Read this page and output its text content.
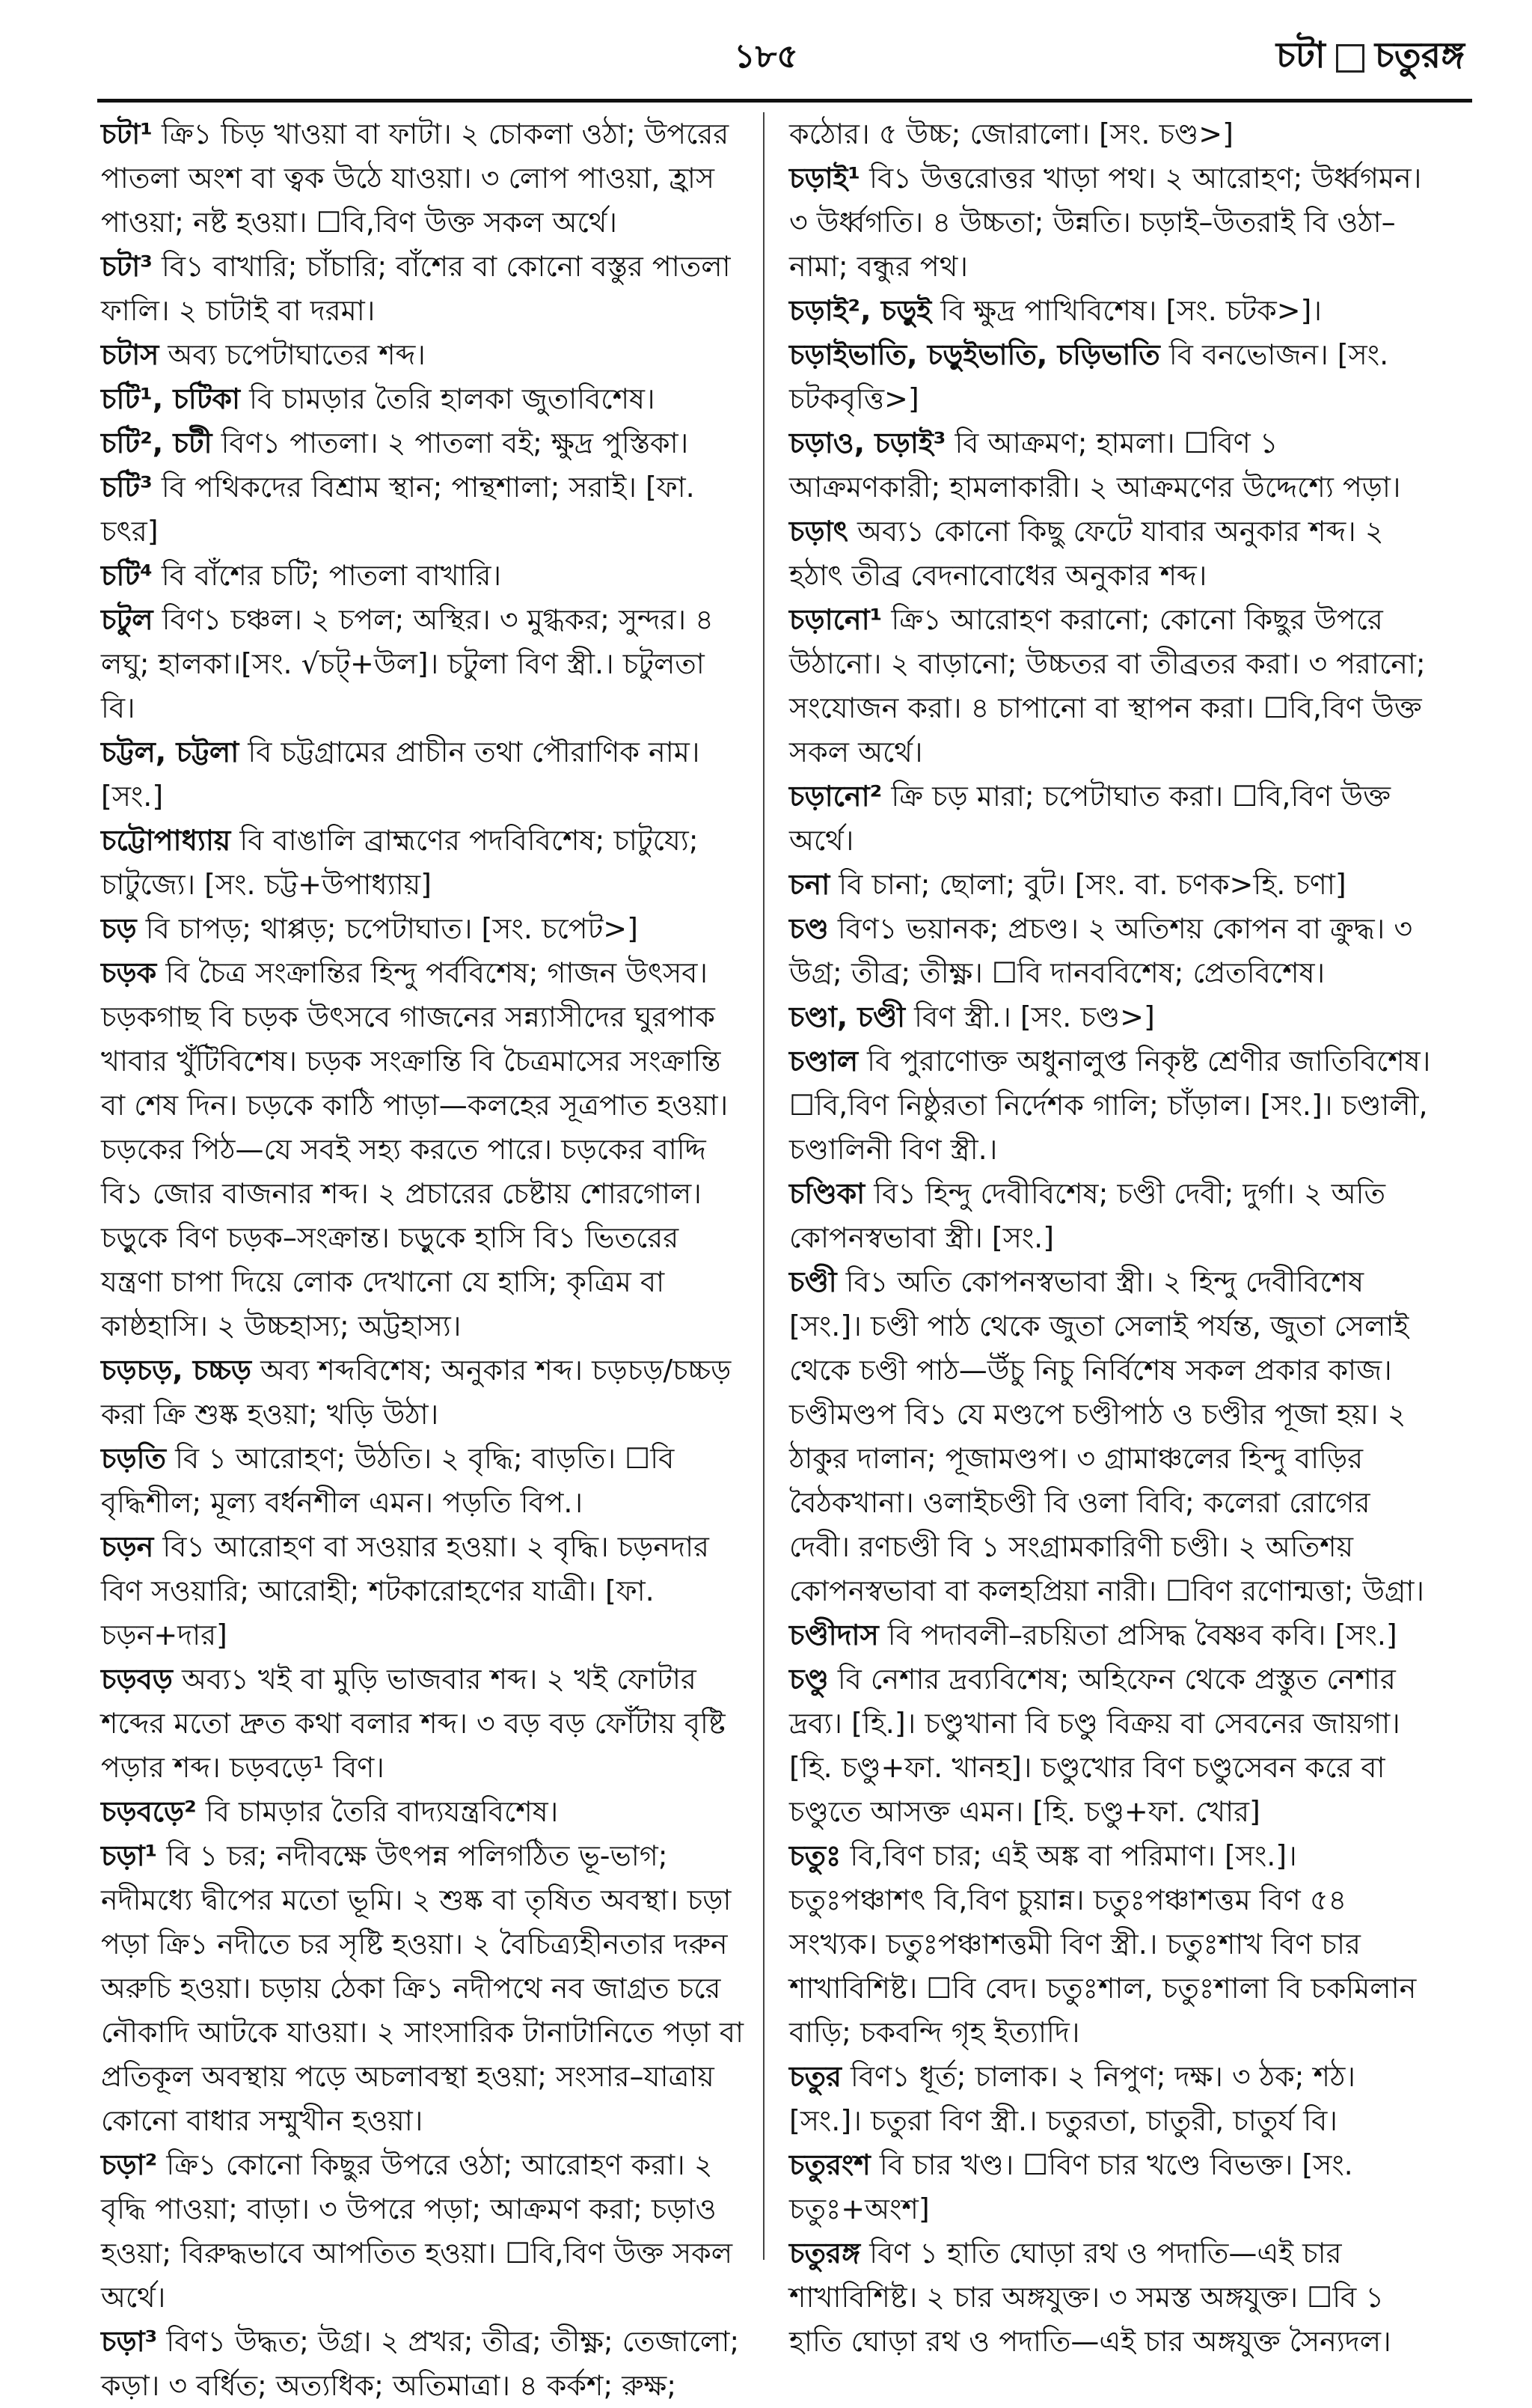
১৮৫	চটা চতুরঙ্গ

চটা¹ ক্রি১ চিড় খাওয়া বা ফাটা। ২ চোকলা ওঠা; উপরের পাতলা অংশ বা ত্বক উঠে যাওয়া। ৩ লোপ পাওয়া, হ্রাস পাওয়া; নষ্ট হওয়া। ☐বি,বিণ উক্ত সকল অর্থে।

চটা³ বি১ বাখারি; চাঁচারি; বাঁশের বা কোনো বস্তুর পাতলা ফালি। ২ চাটাই বা দরমা।

চটাস অব্য চপেটাঘাতের শব্দ।

চটি¹, চটিকা বি চামড়ার তৈরি হালকা জুতাবিশেষ।

চটি², চটী বিণ১ পাতলা। ২ পাতলা বই; ক্ষুদ্র পুস্তিকা।

চটি³ বি পথিকদের বিশ্রাম স্থান; পান্থশালা; সরাই। [ফা. চৎর]

চটি⁴ বি বাঁশের চটি; পাতলা বাখারি।

চটুল বিণ১ চঞ্চল। ২ চপল; অস্থির। ৩ মুগ্ধকর; সুন্দর। ৪ লঘু; হালকা।[সং. √চট্‌+উল]। চটুলা বিণ স্ত্রী.। চটুলতা বি।

চট্টল, চট্টলা বি চট্টগ্রামের প্রাচীন তথা পৌরাণিক নাম। [সং.]

চট্টোপাধ্যায় বি বাঙালি ব্রাহ্মণের পদবিবিশেষ; চাটুয্যে; চাটুজ্যে। [সং. চট্ট+উপাধ্যায়]

চড় বি চাপড়; থাপ্পড়; চপেটাঘাত। [সং. চপেট>]

চড়ক বি চৈত্র সংক্রান্তির হিন্দু পর্ববিশেষ; গাজন উৎসব। চড়কগাছ বি চড়ক উৎসবে গাজনের সন্ন্যাসীদের ঘুরপাক খাবার খুঁটিবিশেষ। চড়ক সংক্রান্তি বি চৈত্রমাসের সংক্রান্তি বা শেষ দিন। চড়কে কাঠি পাড়া—কলহের সূত্রপাত হওয়া। চড়কের পিঠ—যে সবই সহ্য করতে পারে। চড়কের বাদ্দি বি১ জোর বাজনার শব্দ। ২ প্রচারের চেষ্টায় শোরগোল। চড়ুকে বিণ চড়ক–সংক্রান্ত। চড়ুকে হাসি বি১ ভিতরের যন্ত্রণা চাপা দিয়ে লোক দেখানো যে হাসি; কৃত্রিম বা কাষ্ঠহাসি। ২ উচ্চহাস্য; অট্টহাস্য।

চড়চড়, চচ্চড় অব্য শব্দবিশেষ; অনুকার শব্দ। চড়চড়/চচ্চড় করা ক্রি শুষ্ক হওয়া; খড়ি উঠা।

চড়তি বি ১ আরোহণ; উঠতি। ২ বৃদ্ধি; বাড়তি। ☐বি বৃদ্ধিশীল; মূল্য বর্ধনশীল এমন। পড়তি বিপ.।

চড়ন বি১ আরোহণ বা সওয়ার হওয়া। ২ বৃদ্ধি। চড়নদার বিণ সওয়ারি; আরোহী; শটকারোহণের যাত্রী। [ফা. চড়ন+দার]

চড়বড় অব্য১ খই বা মুড়ি ভাজবার শব্দ। ২ খই ফোটার শব্দের মতো দ্রুত কথা বলার শব্দ। ৩ বড় বড় ফোঁটায় বৃষ্টি পড়ার শব্দ। চড়বড়ে¹ বিণ।

চড়বড়ে² বি চামড়ার তৈরি বাদ্যযন্ত্রবিশেষ।

চড়া¹ বি ১ চর; নদীবক্ষে উৎপন্ন পলিগঠিত ভূ-ভাগ; নদীমধ্যে দ্বীপের মতো ভূমি। ২ শুষ্ক বা তৃষিত অবস্থা। চড়া পড়া ক্রি১ নদীতে চর সৃষ্টি হওয়া। ২ বৈচিত্র্যহীনতার দরুন অরুচি হওয়া। চড়ায় ঠেকা ক্রি১ নদীপথে নব জাগ্রত চরে নৌকাদি আটকে যাওয়া। ২ সাংসারিক টানাটানিতে পড়া বা প্রতিকূল অবস্থায় পড়ে অচলাবস্থা হওয়া; সংসার–যাত্রায় কোনো বাধার সম্মুখীন হওয়া।

চড়া² ক্রি১ কোনো কিছুর উপরে ওঠা; আরোহণ করা। ২ বৃদ্ধি পাওয়া; বাড়া। ৩ উপরে পড়া; আক্রমণ করা; চড়াও হওয়া; বিরুদ্ধভাবে আপতিত হওয়া। ☐বি,বিণ উক্ত সকল অর্থে।

চড়া³ বিণ১ উদ্ধত; উগ্র। ২ প্রখর; তীব্র; তীক্ষ্ণ; তেজালো; কড়া। ৩ বর্ধিত; অত্যধিক; অতিমাত্রা। ৪ কর্কশ; রুক্ষ;

কঠোর। ৫ উচ্চ; জোরালো। [সং. চণ্ড>]

চড়াই¹ বি১ উত্তরোত্তর খাড়া পথ। ২ আরোহণ; উর্ধ্বগমন। ৩ উর্ধ্বগতি। ৪ উচ্চতা; উন্নতি। চড়াই–উতরাই বি ওঠা–নামা; বন্ধুর পথ।

চড়াই², চড়ুই বি ক্ষুদ্র পাখিবিশেষ। [সং. চটক>]।

চড়াইভাতি, চড়ুইভাতি, চড়িভাতি বি বনভোজন। [সং. চটকবৃত্তি>]

চড়াও, চড়াই³ বি আক্রমণ; হামলা। ☐বিণ ১ আক্রমণকারী; হামলাকারী। ২ আক্রমণের উদ্দেশ্যে পড়া।

চড়াৎ অব্য১ কোনো কিছু ফেটে যাবার অনুকার শব্দ। ২ হঠাৎ তীব্র বেদনাবোধের অনুকার শব্দ।

চড়ানো¹ ক্রি১ আরোহণ করানো; কোনো কিছুর উপরে উঠানো। ২ বাড়ানো; উচ্চতর বা তীব্রতর করা। ৩ পরানো; সংযোজন করা। ৪ চাপানো বা স্থাপন করা। ☐বি,বিণ উক্ত সকল অর্থে।

চড়ানো² ক্রি চড় মারা; চপেটাঘাত করা। ☐বি,বিণ উক্ত অর্থে।

চনা বি চানা; ছোলা; বুট। [সং. বা. চণক>হি. চণা]

চণ্ড বিণ১ ভয়ানক; প্রচণ্ড। ২ অতিশয় কোপন বা ক্রুদ্ধ। ৩ উগ্র; তীব্র; তীক্ষ্ণ। ☐বি দানববিশেষ; প্রেতবিশেষ।

চণ্ডা, চণ্ডী বিণ স্ত্রী.। [সং. চণ্ড>]

চণ্ডাল বি পুরাণোক্ত অধুনালুপ্ত নিকৃষ্ট শ্রেণীর জাতিবিশেষ। ☐বি,বিণ নিষ্ঠুরতা নির্দেশক গালি; চাঁড়াল। [সং.]। চণ্ডালী, চণ্ডালিনী বিণ স্ত্রী.।

চণ্ডিকা বি১ হিন্দু দেবীবিশেষ; চণ্ডী দেবী; দুর্গা। ২ অতি কোপনস্বভাবা স্ত্রী। [সং.]

চণ্ডী বি১ অতি কোপনস্বভাবা স্ত্রী। ২ হিন্দু দেবীবিশেষ [সং.]। চণ্ডী পাঠ থেকে জুতা সেলাই পর্যন্ত, জুতা সেলাই থেকে চণ্ডী পাঠ—উঁচু নিচু নির্বিশেষ সকল প্রকার কাজ। চণ্ডীমণ্ডপ বি১ যে মণ্ডপে চণ্ডীপাঠ ও চণ্ডীর পূজা হয়। ২ ঠাকুর দালান; পূজামণ্ডপ। ৩ গ্রামাঞ্চলের হিন্দু বাড়ির বৈঠকখানা। ওলাইচণ্ডী বি ওলা বিবি; কলেরা রোগের দেবী। রণচণ্ডী বি ১ সংগ্রামকারিণী চণ্ডী। ২ অতিশয় কোপনস্বভাবা বা কলহপ্রিয়া নারী। ☐বিণ রণোন্মত্তা; উগ্রা।

চণ্ডীদাস বি পদাবলী–রচয়িতা প্রসিদ্ধ বৈষ্ণব কবি। [সং.]

চণ্ডু বি নেশার দ্রব্যবিশেষ; অহিফেন থেকে প্রস্তুত নেশার দ্রব্য। [হি.]। চণ্ডুখানা বি চণ্ডু বিক্রয় বা সেবনের জায়গা। [হি. চণ্ডু+ফা. খানহ]। চণ্ডুখোর বিণ চণ্ডুসেবন করে বা চণ্ডুতে আসক্ত এমন। [হি. চণ্ডু+ফা. খোর]

চতুঃ বি,বিণ চার; এই অঙ্ক বা পরিমাণ। [সং.]। চতুঃপঞ্চাশৎ বি,বিণ চুয়ান্ন। চতুঃপঞ্চাশত্তম বিণ ৫৪ সংখ্যক। চতুঃপঞ্চাশত্তমী বিণ স্ত্রী.। চতুঃশাখ বিণ চার শাখাবিশিষ্ট। ☐বি বেদ। চতুঃশাল, চতুঃশালা বি চকমিলান বাড়ি; চকবন্দি গৃহ ইত্যাদি।

চতুর বিণ১ ধূর্ত; চালাক। ২ নিপুণ; দক্ষ। ৩ ঠক; শঠ। [সং.]। চতুরা বিণ স্ত্রী.। চতুরতা, চাতুরী, চাতুর্য বি।

চতুরংশ বি চার খণ্ড। ☐বিণ চার খণ্ডে বিভক্ত। [সং. চতুঃ+অংশ]

চতুরঙ্গ বিণ ১ হাতি ঘোড়া রথ ও পদাতি—এই চার শাখাবিশিষ্ট। ২ চার অঙ্গযুক্ত। ৩ সমস্ত অঙ্গযুক্ত। ☐বি ১ হাতি ঘোড়া রথ ও পদাতি—এই চার অঙ্গযুক্ত সৈন্যদল।
